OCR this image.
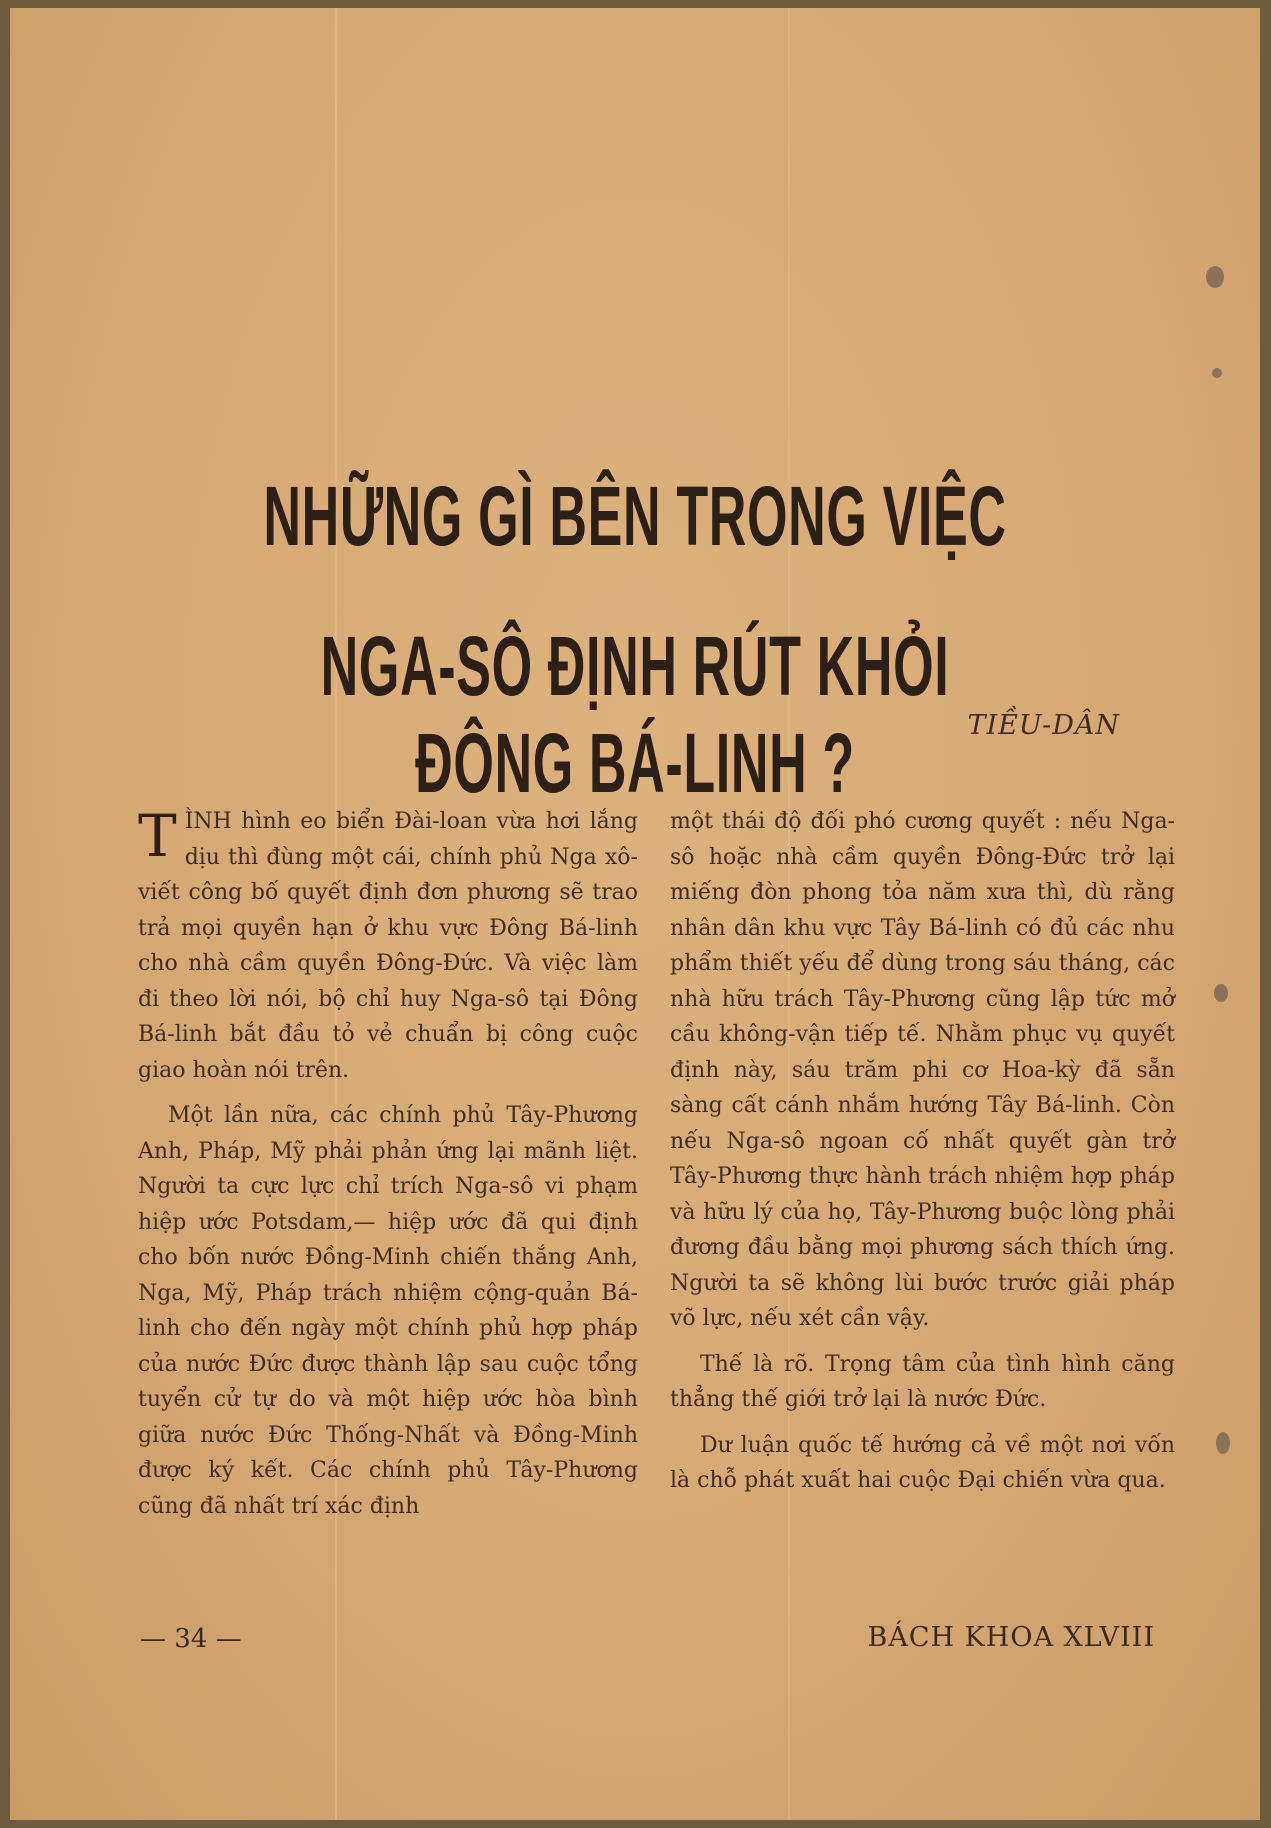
NHỮNG GÌ BÊN TRONG VIỆC
NGA-SÔ ĐỊNH RÚT KHỎI ĐÔNG BÁ-LINH ?	TIỀU-DÂN

TÌNH hình eo biển Đài-loan vừa hơi lắng dịu thì đùng một cái, chính phủ Nga xô-viết công bố quyết định đơn phương sẽ trao trả mọi quyền hạn ở khu vực Đông Bá-linh cho nhà cầm quyền Đông-Đức. Và việc làm đi theo lời nói, bộ chỉ huy Nga-sô tại Đông Bá-linh bắt đầu tỏ vẻ chuẩn bị công cuộc giao hoàn nói trên.

Một lần nữa, các chính phủ Tây-Phương Anh, Pháp, Mỹ phải phản ứng lại mãnh liệt. Người ta cực lực chỉ trích Nga-sô vi phạm hiệp ước Potsdam,— hiệp ước đã qui định cho bốn nước Đồng-Minh chiến thắng Anh, Nga, Mỹ, Pháp trách nhiệm cộng-quản Bá-linh cho đến ngày một chính phủ hợp pháp của nước Đức được thành lập sau cuộc tổng tuyển cử tự do và một hiệp ước hòa bình giữa nước Đức Thống-Nhất và Đồng-Minh được ký kết. Các chính phủ Tây-Phương cũng đã nhất trí xác định

một thái độ đối phó cương quyết : nếu Nga-sô hoặc nhà cầm quyền Đông-Đức trở lại miếng đòn phong tỏa năm xưa thì, dù rằng nhân dân khu vực Tây Bá-linh có đủ các nhu phẩm thiết yếu để dùng trong sáu tháng, các nhà hữu trách Tây-Phương cũng lập tức mở cầu không-vận tiếp tế. Nhằm phục vụ quyết định này, sáu trăm phi cơ Hoa-kỳ đã sẵn sàng cất cánh nhắm hướng Tây Bá-linh. Còn nếu Nga-sô ngoan cố nhất quyết gàn trở Tây-Phương thực hành trách nhiệm hợp pháp và hữu lý của họ, Tây-Phương buộc lòng phải đương đầu bằng mọi phương sách thích ứng. Người ta sẽ không lùi bước trước giải pháp võ lực, nếu xét cần vậy.

Thế là rõ. Trọng tâm của tình hình căng thẳng thế giới trở lại là nước Đức.

Dư luận quốc tế hướng cả về một nơi vốn là chỗ phát xuất hai cuộc Đại chiến vừa qua.

— 34 —	BÁCH KHOA XLVIII
